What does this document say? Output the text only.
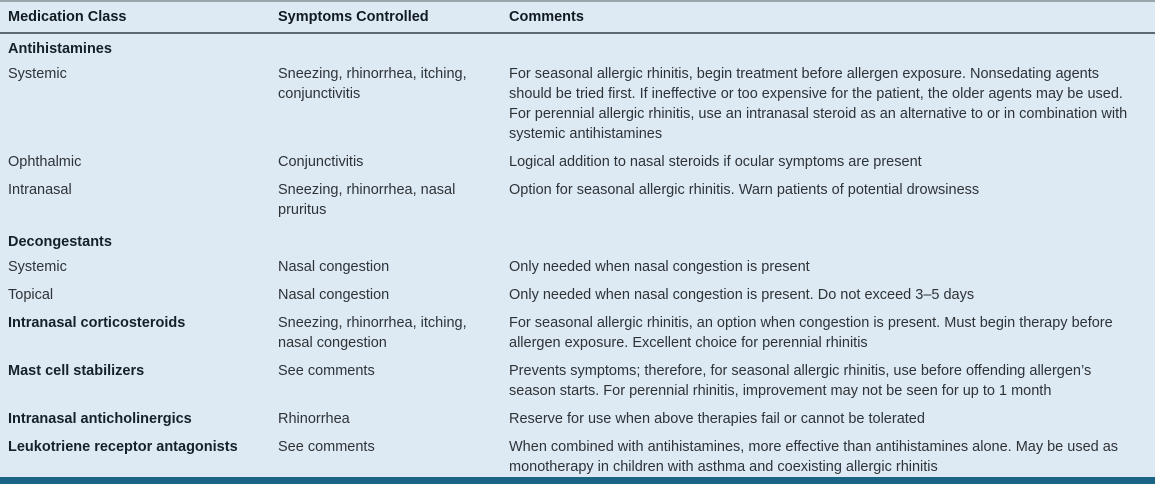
Medication Class	Symptoms Controlled	Comments
Antihistamines		
Systemic	Sneezing, rhinorrhea, itching, conjunctivitis	For seasonal allergic rhinitis, begin treatment before allergen exposure. Nonsedating agents should be tried first. If ineffective or too expensive for the patient, the older agents may be used. For perennial allergic rhinitis, use an intranasal steroid as an alternative to or in combination with systemic antihistamines
Ophthalmic	Conjunctivitis	Logical addition to nasal steroids if ocular symptoms are present
Intranasal	Sneezing, rhinorrhea, nasal pruritus	Option for seasonal allergic rhinitis. Warn patients of potential drowsiness
Decongestants		
Systemic	Nasal congestion	Only needed when nasal congestion is present
Topical	Nasal congestion	Only needed when nasal congestion is present. Do not exceed 3–5 days
Intranasal corticosteroids	Sneezing, rhinorrhea, itching, nasal congestion	For seasonal allergic rhinitis, an option when congestion is present. Must begin therapy before allergen exposure. Excellent choice for perennial rhinitis
Mast cell stabilizers	See comments	Prevents symptoms; therefore, for seasonal allergic rhinitis, use before offending allergen’s season starts. For perennial rhinitis, improvement may not be seen for up to 1 month
Intranasal anticholinergics	Rhinorrhea	Reserve for use when above therapies fail or cannot be tolerated
Leukotriene receptor antagonists	See comments	When combined with antihistamines, more effective than antihistamines alone. May be used as monotherapy in children with asthma and coexisting allergic rhinitis
